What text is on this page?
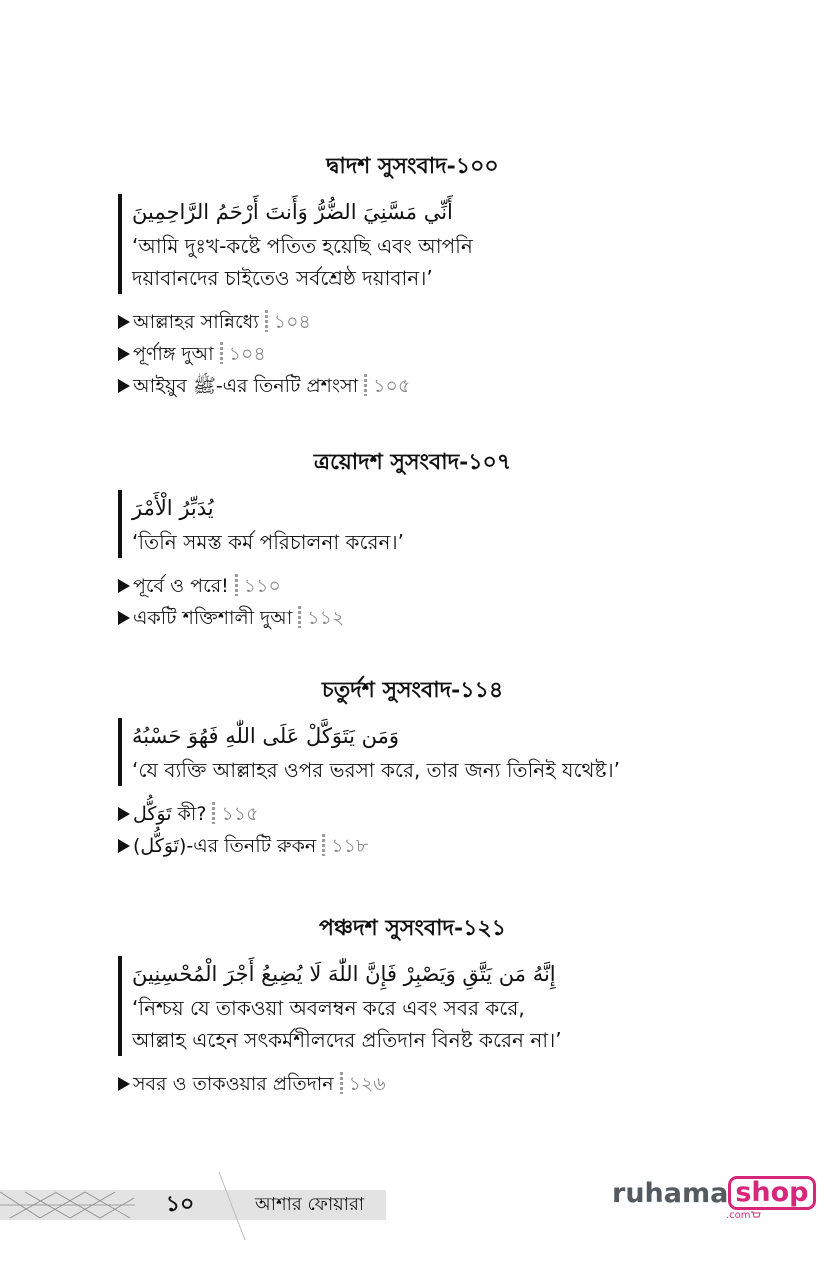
দ্বাদশ সুসংবাদ-১০০
أَنِّي مَسَّنِيَ الضُّرُّ وَأَنتَ أَرْحَمُ الرَّاحِمِينَ
‘আমি দুঃখ-কষ্টে পতিত হয়েছি এবং আপনি
দয়াবানদের চাইতেও সর্বশ্রেষ্ঠ দয়াবান।’
আল্লাহর সান্নিধ্যে ১০৪
পূর্ণাঙ্গ দুআ ১০৪
আইয়ুব ﷺ-এর তিনটি প্রশংসা ১০৫
ত্রয়োদশ সুসংবাদ-১০৭
يُدَبِّرُ الْأَمْرَ
‘তিনি সমস্ত কর্ম পরিচালনা করেন।’
পূর্বে ও পরে! ১১০
একটি শক্তিশালী দুআ ১১২
চতুর্দশ সুসংবাদ-১১৪
وَمَن يَتَوَكَّلْ عَلَى اللّٰهِ فَهُوَ حَسْبُهُ
‘যে ব্যক্তি আল্লাহর ওপর ভরসা করে, তার জন্য তিনিই যথেষ্ট।’
تَوَكُّل কী? ১১৫
(تَوَكُّل)-এর তিনটি রুকন ১১৮
পঞ্চদশ সুসংবাদ-১২১
إِنَّهُ مَن يَتَّقِ وَيَصْبِرْ فَإِنَّ اللّٰهَ لَا يُضِيعُ أَجْرَ الْمُحْسِنِينَ
‘নিশ্চয় যে তাকওয়া অবলম্বন করে এবং সবর করে,
আল্লাহ এহেন সৎকর্মশীলদের প্রতিদান বিনষ্ট করেন না।’
সবর ও তাকওয়ার প্রতিদান ১২৬
১০	আশার ফোয়ারা	ruhama shop
.com
